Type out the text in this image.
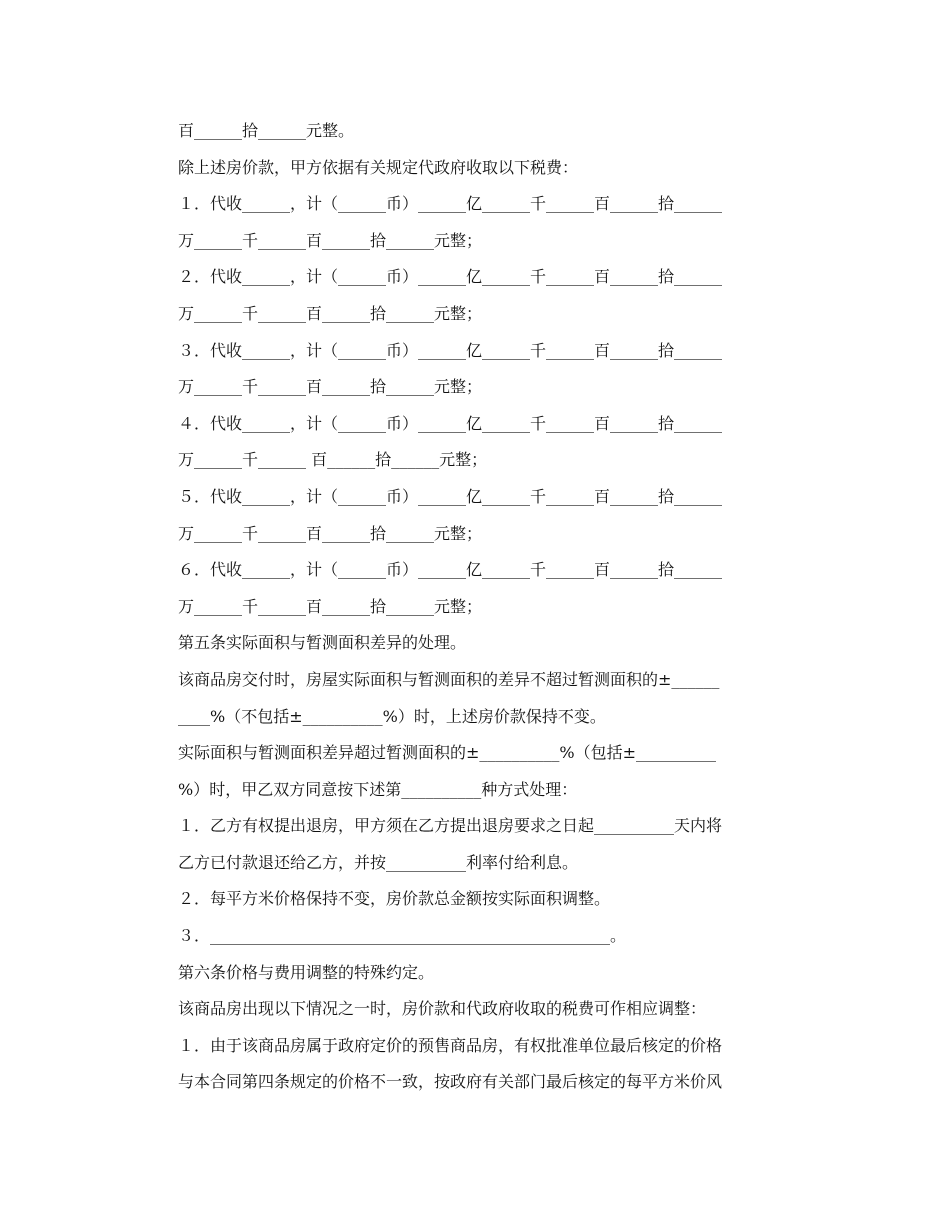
百______拾______元整。
除上述房价款，甲方依据有关规定代政府收取以下税费：
１．代收______，计（______币）______亿______千______百______拾______
万______千______百______拾______元整；
２．代收______，计（______币）______亿______千______百______拾______
万______千______百______拾______元整；
３．代收______，计（______币）______亿______千______百______拾______
万______千______百______拾______元整；
４．代收______，计（______币）______亿______千______百______拾______
万______千______ 百______拾______元整；
５．代收______，计（______币）______亿______千______百______拾______
万______千______百______拾______元整；
６．代收______，计（______币）______亿______千______百______拾______
万______千______百______拾______元整；
第五条实际面积与暂测面积差异的处理。
该商品房交付时，房屋实际面积与暂测面积的差异不超过暂测面积的±______
____%（不包括±__________%）时，上述房价款保持不变。
实际面积与暂测面积差异超过暂测面积的±__________%（包括±__________
%）时，甲乙双方同意按下述第__________种方式处理：
１．乙方有权提出退房，甲方须在乙方提出退房要求之日起__________天内将
乙方已付款退还给乙方，并按__________利率付给利息。
２．每平方米价格保持不变，房价款总金额按实际面积调整。
３．__________________________________________________。
第六条价格与费用调整的特殊约定。
该商品房出现以下情况之一时，房价款和代政府收取的税费可作相应调整：
１．由于该商品房属于政府定价的预售商品房，有权批准单位最后核定的价格
与本合同第四条规定的价格不一致，按政府有关部门最后核定的每平方米价风
